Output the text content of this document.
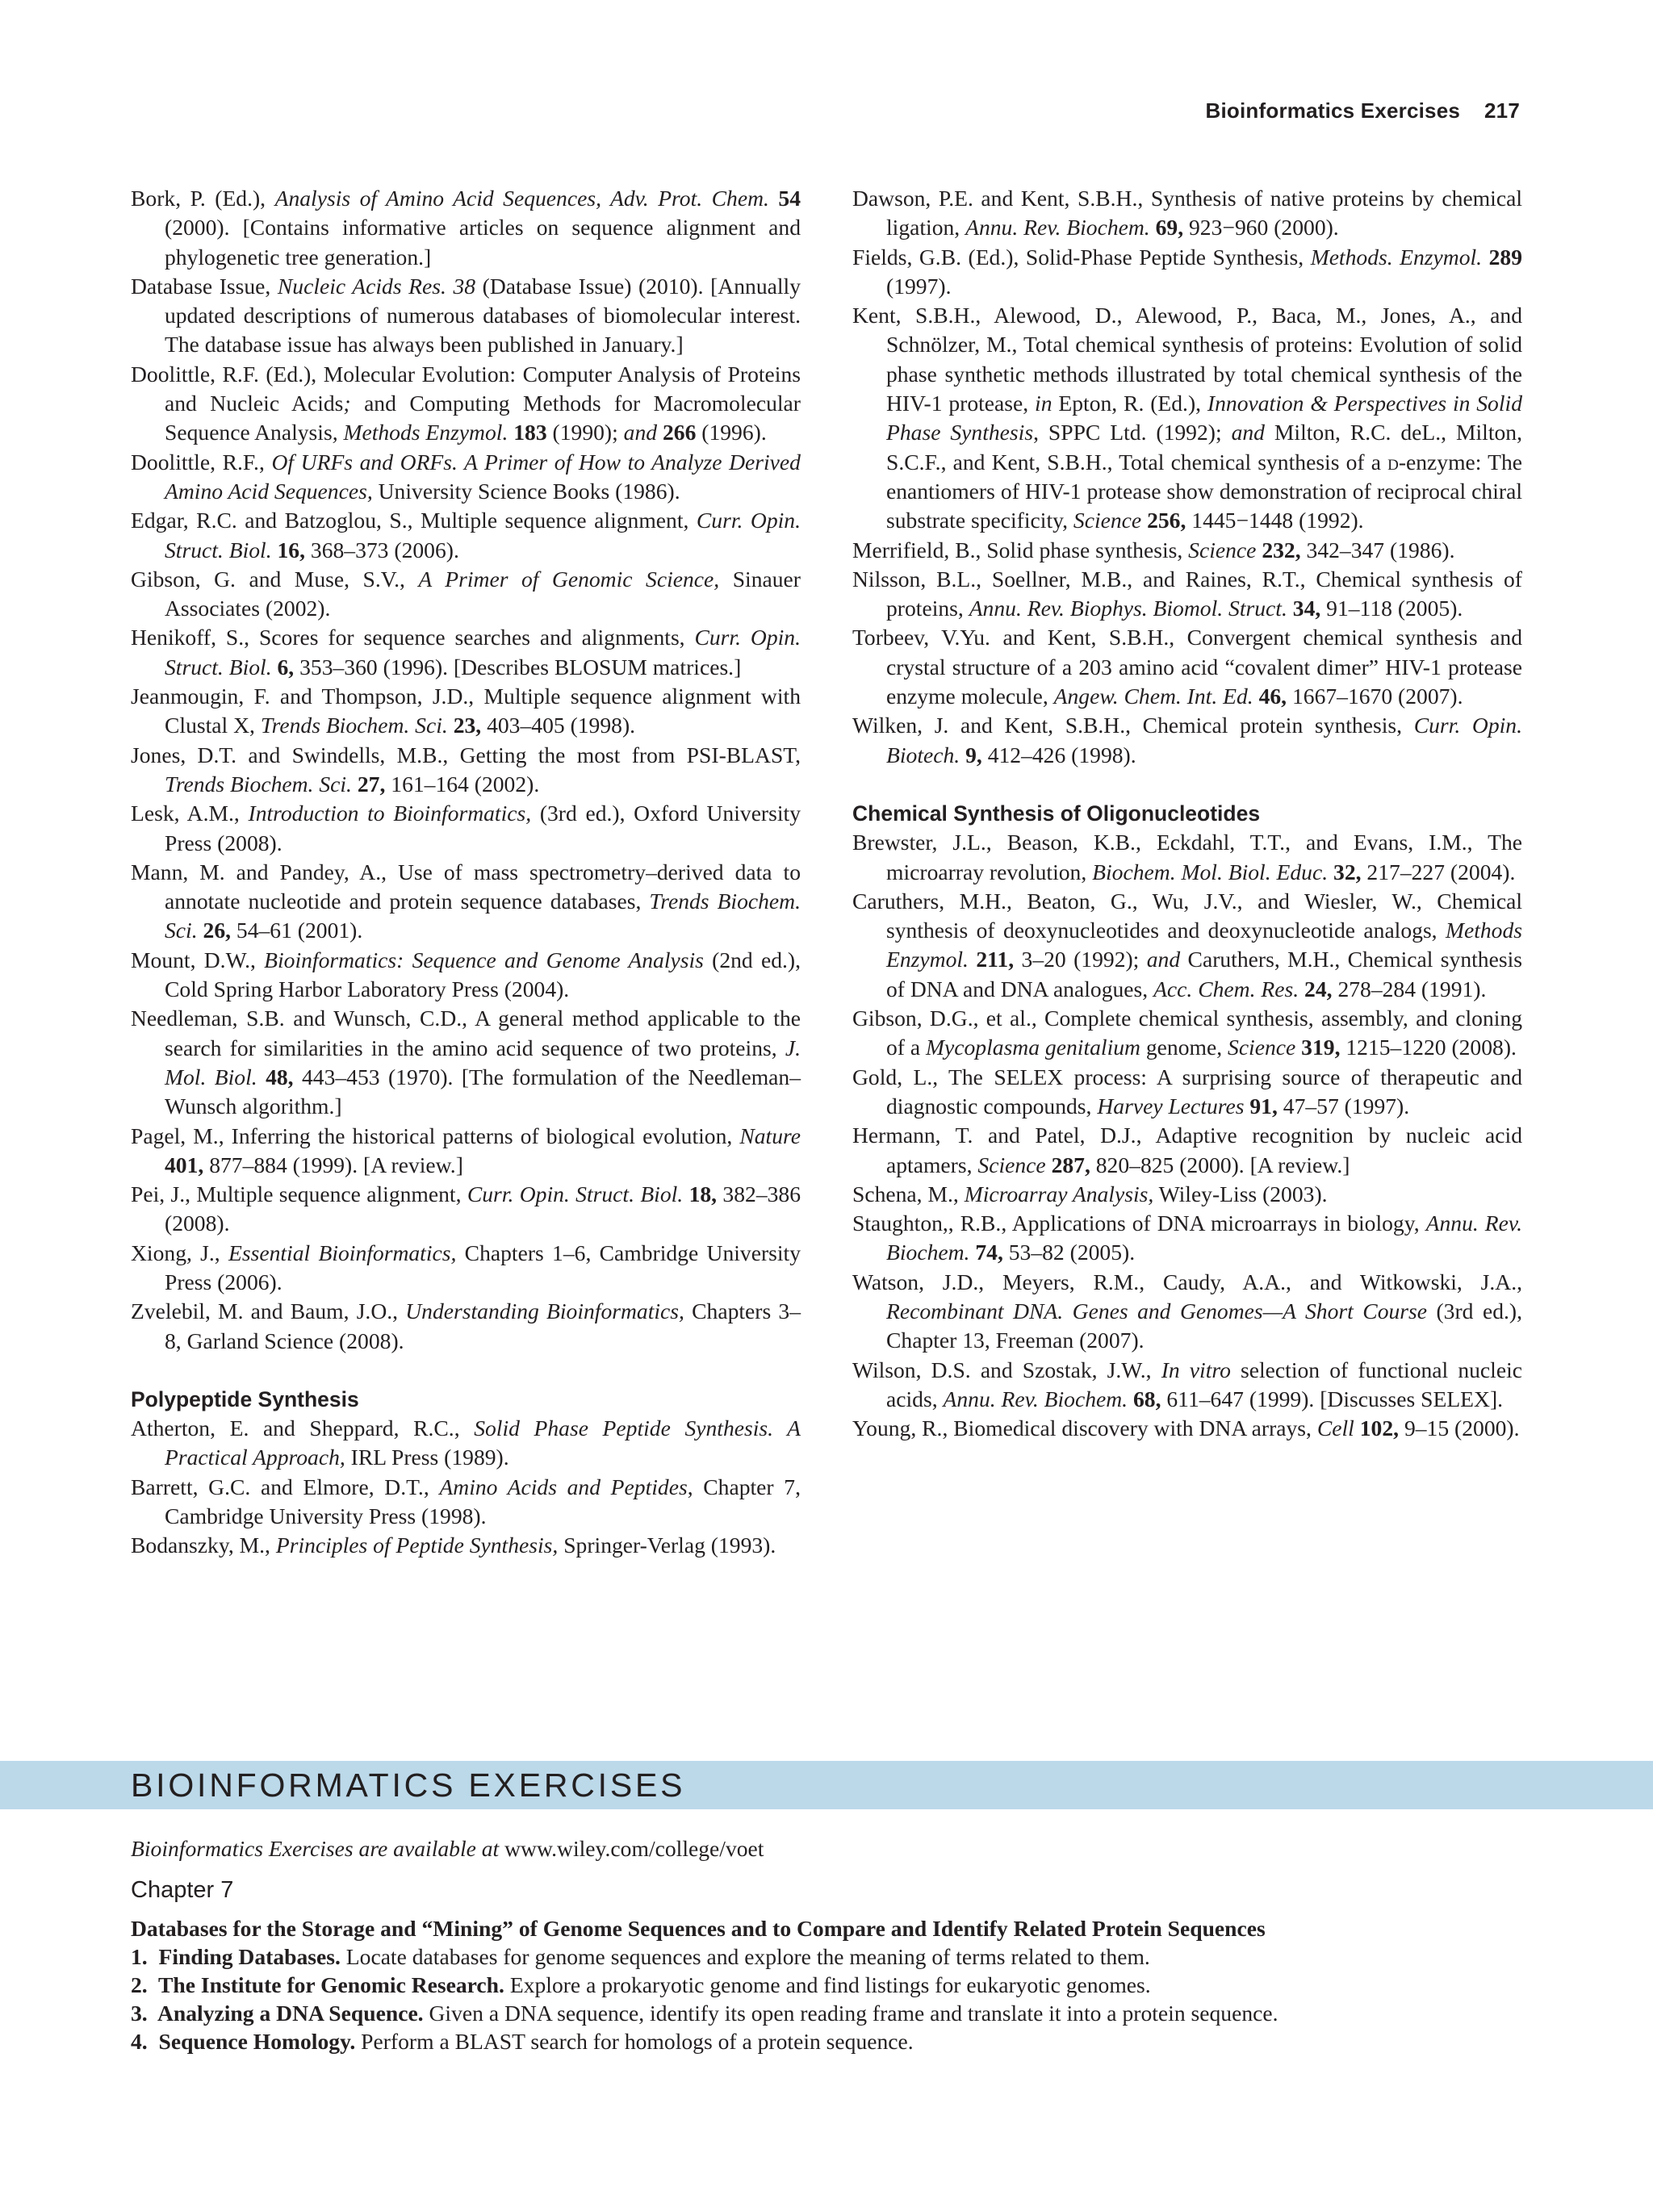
Bioinformatics Exercises 217
Bork, P. (Ed.), Analysis of Amino Acid Sequences, Adv. Prot. Chem. 54 (2000). [Contains informative articles on sequence alignment and phylogenetic tree generation.]
Database Issue, Nucleic Acids Res. 38 (Database Issue) (2010). [Annually updated descriptions of numerous databases of biomolecular interest. The database issue has always been published in January.]
Doolittle, R.F. (Ed.), Molecular Evolution: Computer Analysis of Proteins and Nucleic Acids; and Computing Methods for Macromolecular Sequence Analysis, Methods Enzymol. 183 (1990); and 266 (1996).
Doolittle, R.F., Of URFs and ORFs. A Primer of How to Analyze Derived Amino Acid Sequences, University Science Books (1986).
Edgar, R.C. and Batzoglou, S., Multiple sequence alignment, Curr. Opin. Struct. Biol. 16, 368–373 (2006).
Gibson, G. and Muse, S.V., A Primer of Genomic Science, Sinauer Associates (2002).
Henikoff, S., Scores for sequence searches and alignments, Curr. Opin. Struct. Biol. 6, 353–360 (1996). [Describes BLOSUM matrices.]
Jeanmougin, F. and Thompson, J.D., Multiple sequence alignment with Clustal X, Trends Biochem. Sci. 23, 403–405 (1998).
Jones, D.T. and Swindells, M.B., Getting the most from PSI-BLAST, Trends Biochem. Sci. 27, 161–164 (2002).
Lesk, A.M., Introduction to Bioinformatics, (3rd ed.), Oxford University Press (2008).
Mann, M. and Pandey, A., Use of mass spectrometry–derived data to annotate nucleotide and protein sequence databases, Trends Biochem. Sci. 26, 54–61 (2001).
Mount, D.W., Bioinformatics: Sequence and Genome Analysis (2nd ed.), Cold Spring Harbor Laboratory Press (2004).
Needleman, S.B. and Wunsch, C.D., A general method applicable to the search for similarities in the amino acid sequence of two proteins, J. Mol. Biol. 48, 443–453 (1970). [The formulation of the Needleman–Wunsch algorithm.]
Pagel, M., Inferring the historical patterns of biological evolution, Nature 401, 877–884 (1999). [A review.]
Pei, J., Multiple sequence alignment, Curr. Opin. Struct. Biol. 18, 382–386 (2008).
Xiong, J., Essential Bioinformatics, Chapters 1–6, Cambridge University Press (2006).
Zvelebil, M. and Baum, J.O., Understanding Bioinformatics, Chapters 3–8, Garland Science (2008).
Polypeptide Synthesis
Atherton, E. and Sheppard, R.C., Solid Phase Peptide Synthesis. A Practical Approach, IRL Press (1989).
Barrett, G.C. and Elmore, D.T., Amino Acids and Peptides, Chapter 7, Cambridge University Press (1998).
Bodanszky, M., Principles of Peptide Synthesis, Springer-Verlag (1993).
Dawson, P.E. and Kent, S.B.H., Synthesis of native proteins by chemical ligation, Annu. Rev. Biochem. 69, 923−960 (2000).
Fields, G.B. (Ed.), Solid-Phase Peptide Synthesis, Methods. Enzymol. 289 (1997).
Kent, S.B.H., Alewood, D., Alewood, P., Baca, M., Jones, A., and Schnölzer, M., Total chemical synthesis of proteins: Evolution of solid phase synthetic methods illustrated by total chemical synthesis of the HIV-1 protease, in Epton, R. (Ed.), Innovation & Perspectives in Solid Phase Synthesis, SPPC Ltd. (1992); and Milton, R.C. deL., Milton, S.C.F., and Kent, S.B.H., Total chemical synthesis of a d-enzyme: The enantiomers of HIV-1 protease show demonstration of reciprocal chiral substrate specificity, Science 256, 1445−1448 (1992).
Merrifield, B., Solid phase synthesis, Science 232, 342–347 (1986).
Nilsson, B.L., Soellner, M.B., and Raines, R.T., Chemical synthesis of proteins, Annu. Rev. Biophys. Biomol. Struct. 34, 91–118 (2005).
Torbeev, V.Yu. and Kent, S.B.H., Convergent chemical synthesis and crystal structure of a 203 amino acid “covalent dimer” HIV-1 protease enzyme molecule, Angew. Chem. Int. Ed. 46, 1667–1670 (2007).
Wilken, J. and Kent, S.B.H., Chemical protein synthesis, Curr. Opin. Biotech. 9, 412–426 (1998).
Chemical Synthesis of Oligonucleotides
Brewster, J.L., Beason, K.B., Eckdahl, T.T., and Evans, I.M., The microarray revolution, Biochem. Mol. Biol. Educ. 32, 217–227 (2004).
Caruthers, M.H., Beaton, G., Wu, J.V., and Wiesler, W., Chemical synthesis of deoxynucleotides and deoxynucleotide analogs, Methods Enzymol. 211, 3–20 (1992); and Caruthers, M.H., Chemical synthesis of DNA and DNA analogues, Acc. Chem. Res. 24, 278–284 (1991).
Gibson, D.G., et al., Complete chemical synthesis, assembly, and cloning of a Mycoplasma genitalium genome, Science 319, 1215–1220 (2008).
Gold, L., The SELEX process: A surprising source of therapeutic and diagnostic compounds, Harvey Lectures 91, 47–57 (1997).
Hermann, T. and Patel, D.J., Adaptive recognition by nucleic acid aptamers, Science 287, 820–825 (2000). [A review.]
Schena, M., Microarray Analysis, Wiley-Liss (2003).
Staughton,, R.B., Applications of DNA microarrays in biology, Annu. Rev. Biochem. 74, 53–82 (2005).
Watson, J.D., Meyers, R.M., Caudy, A.A., and Witkowski, J.A., Recombinant DNA. Genes and Genomes—A Short Course (3rd ed.), Chapter 13, Freeman (2007).
Wilson, D.S. and Szostak, J.W., In vitro selection of functional nucleic acids, Annu. Rev. Biochem. 68, 611–647 (1999). [Discusses SELEX].
Young, R., Biomedical discovery with DNA arrays, Cell 102, 9–15 (2000).
BIOINFORMATICS EXERCISES
Bioinformatics Exercises are available at www.wiley.com/college/voet
Chapter 7
Databases for the Storage and “Mining” of Genome Sequences and to Compare and Identify Related Protein Sequences
1.  Finding Databases. Locate databases for genome sequences and explore the meaning of terms related to them.
2.  The Institute for Genomic Research. Explore a prokaryotic genome and find listings for eukaryotic genomes.
3.  Analyzing a DNA Sequence. Given a DNA sequence, identify its open reading frame and translate it into a protein sequence.
4.  Sequence Homology. Perform a BLAST search for homologs of a protein sequence.
